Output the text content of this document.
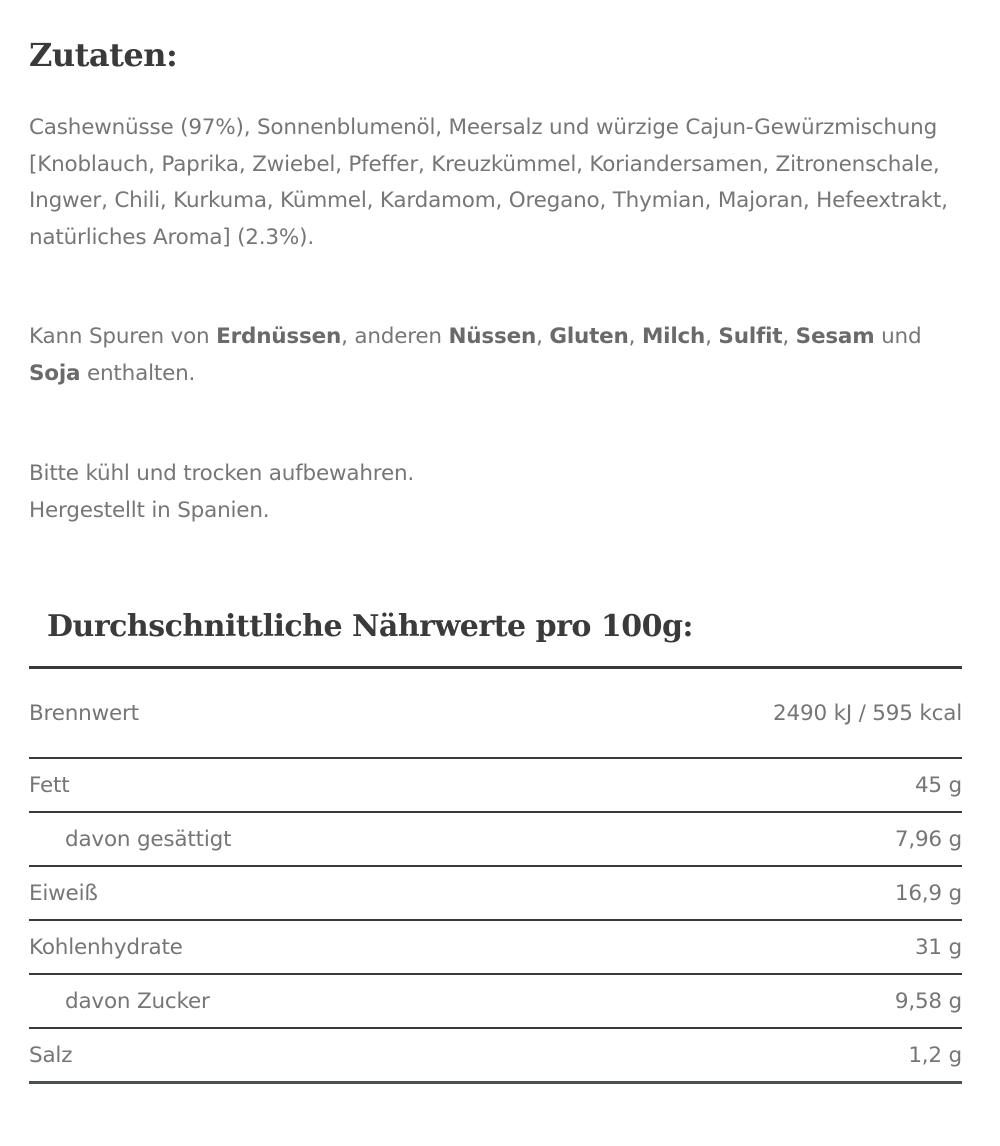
Zutaten:
Cashewnüsse (97%), Sonnenblumenöl, Meersalz und würzige Cajun-Gewürzmischung
[Knoblauch, Paprika, Zwiebel, Pfeffer, Kreuzkümmel, Koriandersamen, Zitronenschale,
Ingwer, Chili, Kurkuma, Kümmel, Kardamom, Oregano, Thymian, Majoran, Hefeextrakt,
natürliches Aroma] (2.3%).
Kann Spuren von Erdnüssen, anderen Nüssen, Gluten, Milch, Sulfit, Sesam und
Soja enthalten.
Bitte kühl und trocken aufbewahren.
Hergestellt in Spanien.
Durchschnittliche Nährwerte pro 100g:
Brennwert	2490 kJ / 595 kcal
Fett	45 g
davon gesättigt	7,96 g
Eiweiß	16,9 g
Kohlenhydrate	31 g
davon Zucker	9,58 g
Salz	1,2 g
